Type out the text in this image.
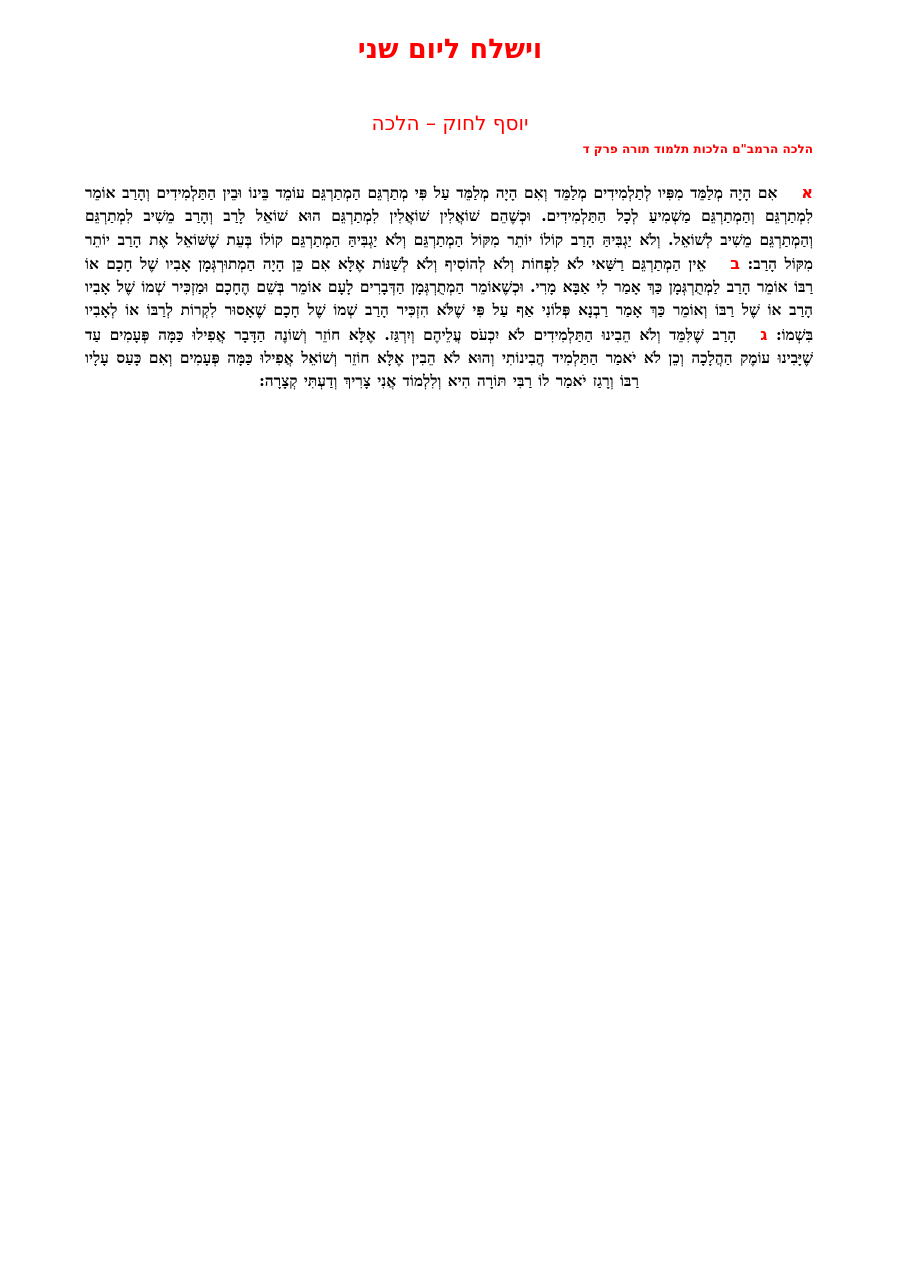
וישלח ליום שני
יוסף לחוק – הלכה
הלכה הרמב"ם הלכות תלמוד תורה פרק ד
אאִם הָיָה מְלַמֵּד מִפִּיו לְתַלְמִידִים מְלַמֵּד וְאִם הָיָה מְלַמֵּד עַל פִּי מְתַרְגֵּם הַמְתַרְגֵּם עוֹמֵד בֵּינוֹ וּבֵין הַתַּלְמִידִים וְהָרַב אוֹמֵר לִמְתַרְגֵּם וְהַמְתַרְגֵּם מַשְׁמִיעַ לְכָל הַתַּלְמִידִים. וּכְשֶׁהֵם שׁוֹאֲלִין שׁוֹאֲלִין לִמְתַרְגֵּם הוּא שׁוֹאֵל לָרַב וְהָרַב מֵשִׁיב לִמְתַרְגֵּם וְהַמְתַרְגֵּם מֵשִׁיב לְשׁוֹאֵל. וְלֹא יַגְבִּיהַּ הָרַב קוֹלוֹ יוֹתֵר מִקּוֹל הַמְתַרְגֵּם וְלֹא יַגְבִּיהַּ הַמְתַרְגֵּם קוֹלוֹ בְּעֵת שֶׁשּׁוֹאֵל אֶת הָרַב יוֹתֵר מִקּוֹל הָרַב: באֵין הַמְתַרְגֵּם רַשַּׁאי לֹא לִפְחוֹת וְלֹא לְהוֹסִיף וְלֹא לְשַׁנּוֹת אֶלָּא אִם כֵּן הָיָה הַמְתוּרְגְּמָן אָבִיו שֶׁל חָכָם אוֹ רַבּוֹ אוֹמֵר הָרַב לַמְתֻרְגְּמָן כַּךְ אָמַר לִי אַבָּא מָרִי. וּכְשֶׁאוֹמֵר הַמְתֻרְגְּמָן הַדְּבָרִים לָעָם אוֹמֵר בְּשֵׁם הֶחָכָם וּמַזְכִּיר שְׁמוֹ שֶׁל אָבִיו הָרַב אוֹ שֶׁל רַבּוֹ וְאוֹמֵר כַּךְ אָמַר רַבְנָא פְּלוֹנִי אַף עַל פִּי שֶׁלֹּא הִזְכִּיר הָרַב שְׁמוֹ שֶׁל חָכָם שֶׁאָסוּר לִקְרוֹת לְרַבּוֹ אוֹ לְאָבִיו בִּשְׁמוֹ: גהָרַב שֶׁלִּמֵּד וְלֹא הֵבִינוּ הַתַּלְמִידִים לֹא יִכְעֹס עֲלֵיהֶם וְיִרְגַּז. אֶלָּא חוֹזֵר וְשׁוֹנֶה הַדָּבָר אֲפִילוּ כַּמָּה פְּעָמִים עַד שֶׁיָּבִינוּ עוֹמֶק הַהֲלָכָה וְכֵן לֹא יֹאמַר הַתַּלְמִיד הֲבִינוֹתִי וְהוּא לֹא הֵבִין אֶלָּא חוֹזֵר וְשׁוֹאֵל אֲפִילוּ כַּמָּה פְּעָמִים וְאִם כָּעַס עָלָיו רַבּוֹ וְרָגַז יֹאמַר לוֹ רַבִּי תּוֹרָה הִיא וְלִלְמוֹד אֲנִי צָרִיךְ וְדַעְתִּי קְצָרָה:
